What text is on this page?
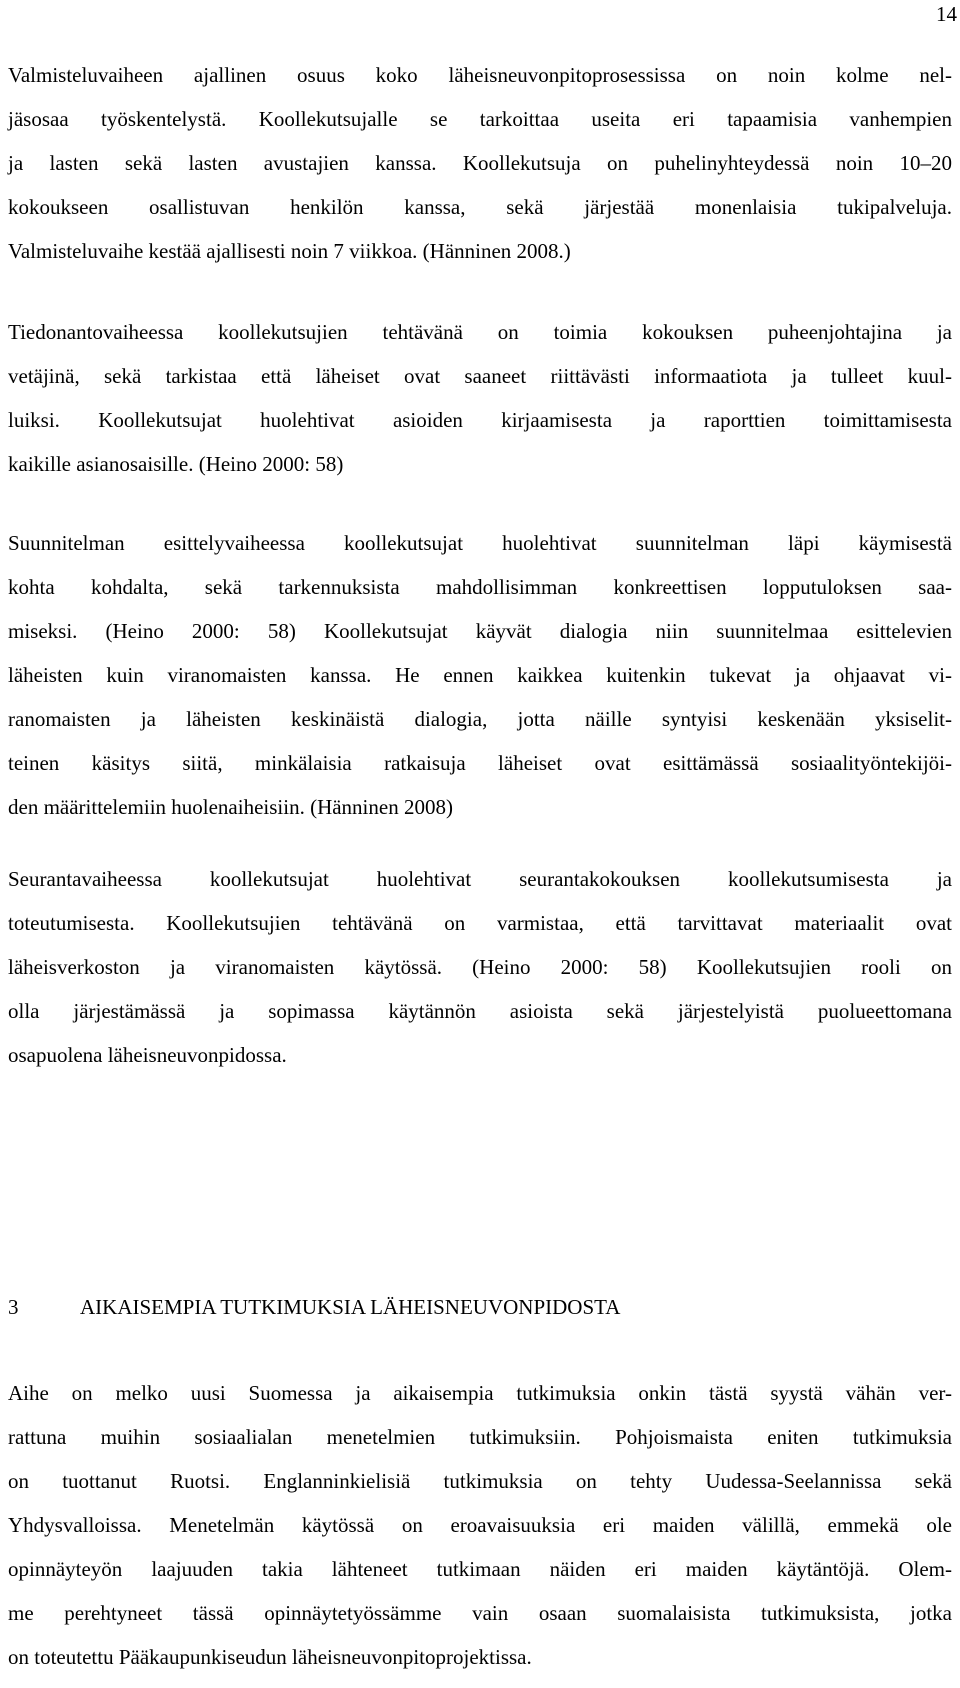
14
Valmisteluvaiheen ajallinen osuus koko läheisneuvonpitoprosessissa on noin kolme nel-
jäsosaa työskentelystä. Koollekutsujalle se tarkoittaa useita eri tapaamisia vanhempien
ja lasten sekä lasten avustajien kanssa. Koollekutsuja on puhelinyhteydessä noin 10–20
kokoukseen osallistuvan henkilön kanssa, sekä järjestää monenlaisia tukipalveluja.
Valmisteluvaihe kestää ajallisesti noin 7 viikkoa. (Hänninen 2008.)
Tiedonantovaiheessa koollekutsujien tehtävänä on toimia kokouksen puheenjohtajina ja
vetäjinä, sekä tarkistaa että läheiset ovat saaneet riittävästi informaatiota ja tulleet kuul-
luiksi. Koollekutsujat huolehtivat asioiden kirjaamisesta ja raporttien toimittamisesta
kaikille asianosaisille. (Heino 2000: 58)
Suunnitelman esittelyvaiheessa koollekutsujat huolehtivat suunnitelman läpi käymisestä
kohta kohdalta, sekä tarkennuksista mahdollisimman konkreettisen lopputuloksen saa-
miseksi. (Heino 2000: 58) Koollekutsujat käyvät dialogia niin suunnitelmaa esittelevien
läheisten kuin viranomaisten kanssa. He ennen kaikkea kuitenkin tukevat ja ohjaavat vi-
ranomaisten ja läheisten keskinäistä dialogia, jotta näille syntyisi keskenään yksiselit-
teinen käsitys siitä, minkälaisia ratkaisuja läheiset ovat esittämässä sosiaalityöntekijöi-
den määrittelemiin huolenaiheisiin. (Hänninen 2008)
Seurantavaiheessa koollekutsujat huolehtivat seurantakokouksen koollekutsumisesta ja
toteutumisesta. Koollekutsujien tehtävänä on varmistaa, että tarvittavat materiaalit ovat
läheisverkoston ja viranomaisten käytössä. (Heino 2000: 58) Koollekutsujien rooli on
olla järjestämässä ja sopimassa käytännön asioista sekä järjestelyistä puolueettomana
osapuolena läheisneuvonpidossa.
3	AIKAISEMPIA TUTKIMUKSIA LÄHEISNEUVONPIDOSTA
Aihe on melko uusi Suomessa ja aikaisempia tutkimuksia onkin tästä syystä vähän ver-
rattuna muihin sosiaalialan menetelmien tutkimuksiin. Pohjoismaista eniten tutkimuksia
on tuottanut Ruotsi. Englanninkielisiä tutkimuksia on tehty Uudessa-Seelannissa sekä
Yhdysvalloissa. Menetelmän käytössä on eroavaisuuksia eri maiden välillä, emmekä ole
opinnäyteyön laajuuden takia lähteneet tutkimaan näiden eri maiden käytäntöjä. Olem-
me perehtyneet tässä opinnäytetyössämme vain osaan suomalaisista tutkimuksista, jotka
on toteutettu Pääkaupunkiseudun läheisneuvonpitoprojektissa.
